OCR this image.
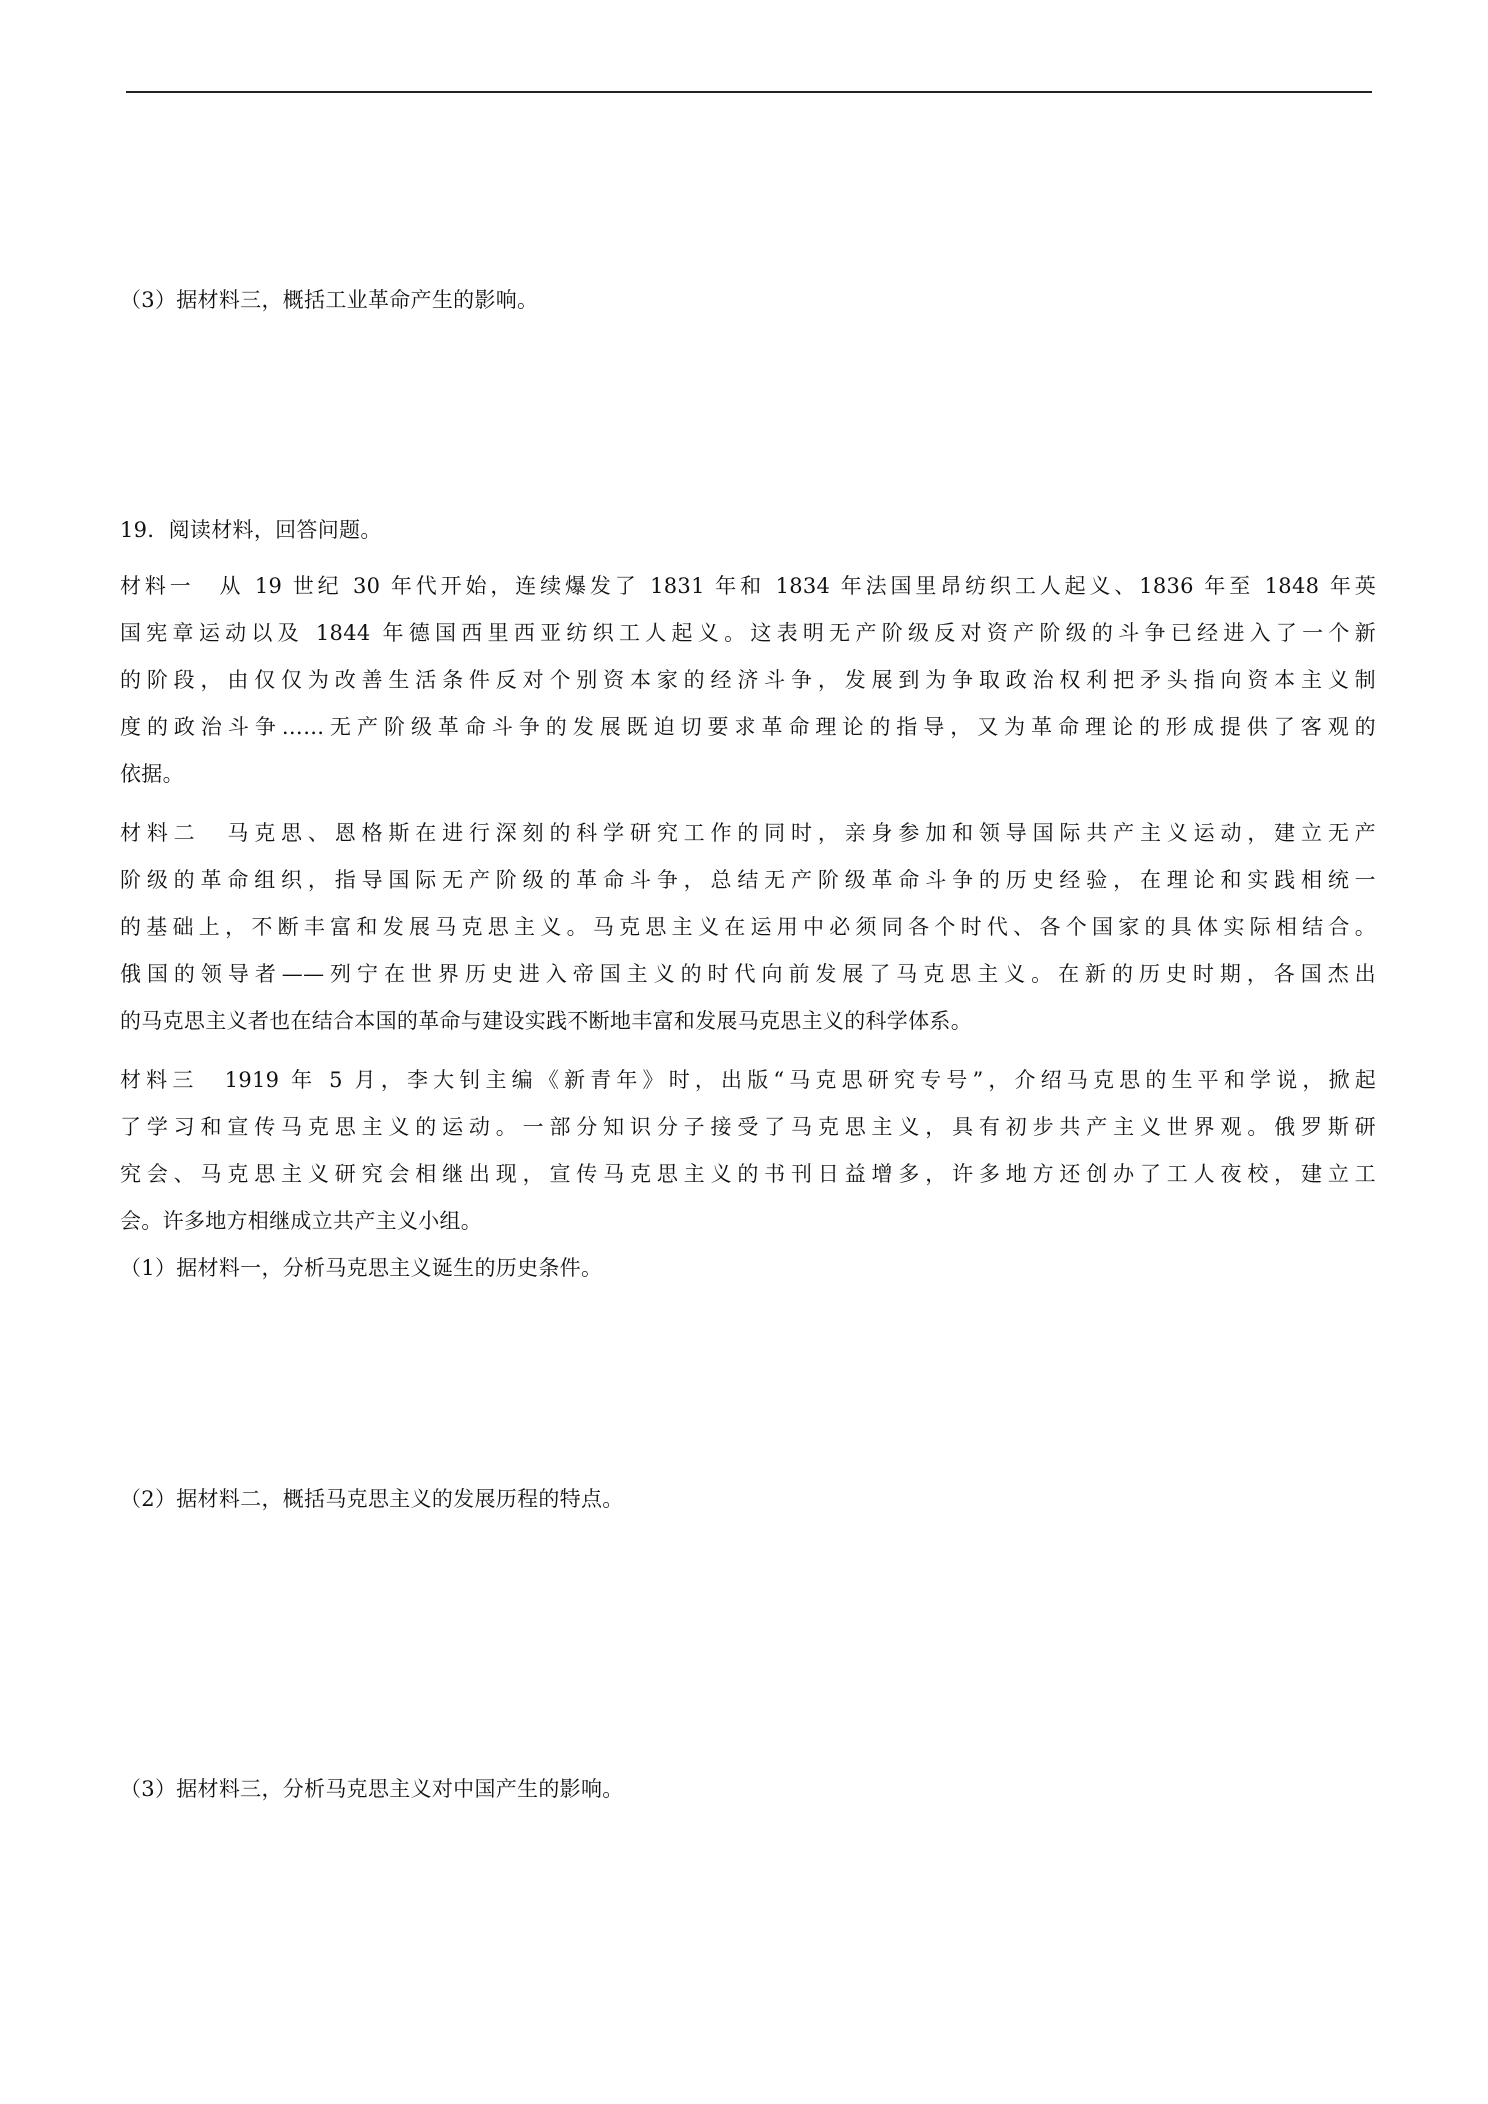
（3）据材料三，概括工业革命产生的影响。
19．阅读材料，回答问题。
材料一　从 19 世纪 30 年代开始，连续爆发了 1831 年和 1834 年法国里昂纺织工人起义、1836 年至 1848 年英
国宪章运动以及 1844 年德国西里西亚纺织工人起义。这表明无产阶级反对资产阶级的斗争已经进入了一个新
的阶段，由仅仅为改善生活条件反对个别资本家的经济斗争，发展到为争取政治权利把矛头指向资本主义制
度的政治斗争……无产阶级革命斗争的发展既迫切要求革命理论的指导，又为革命理论的形成提供了客观的
依据。
材料二　马克思、恩格斯在进行深刻的科学研究工作的同时，亲身参加和领导国际共产主义运动，建立无产
阶级的革命组织，指导国际无产阶级的革命斗争，总结无产阶级革命斗争的历史经验，在理论和实践相统一
的基础上，不断丰富和发展马克思主义。马克思主义在运用中必须同各个时代、各个国家的具体实际相结合。
俄国的领导者——列宁在世界历史进入帝国主义的时代向前发展了马克思主义。在新的历史时期，各国杰出
的马克思主义者也在结合本国的革命与建设实践不断地丰富和发展马克思主义的科学体系。
材料三　1919 年 5 月，李大钊主编《新青年》时，出版“马克思研究专号”，介绍马克思的生平和学说，掀起
了学习和宣传马克思主义的运动。一部分知识分子接受了马克思主义，具有初步共产主义世界观。俄罗斯研
究会、马克思主义研究会相继出现，宣传马克思主义的书刊日益增多，许多地方还创办了工人夜校，建立工
会。许多地方相继成立共产主义小组。
（1）据材料一，分析马克思主义诞生的历史条件。
（2）据材料二，概括马克思主义的发展历程的特点。
（3）据材料三，分析马克思主义对中国产生的影响。
